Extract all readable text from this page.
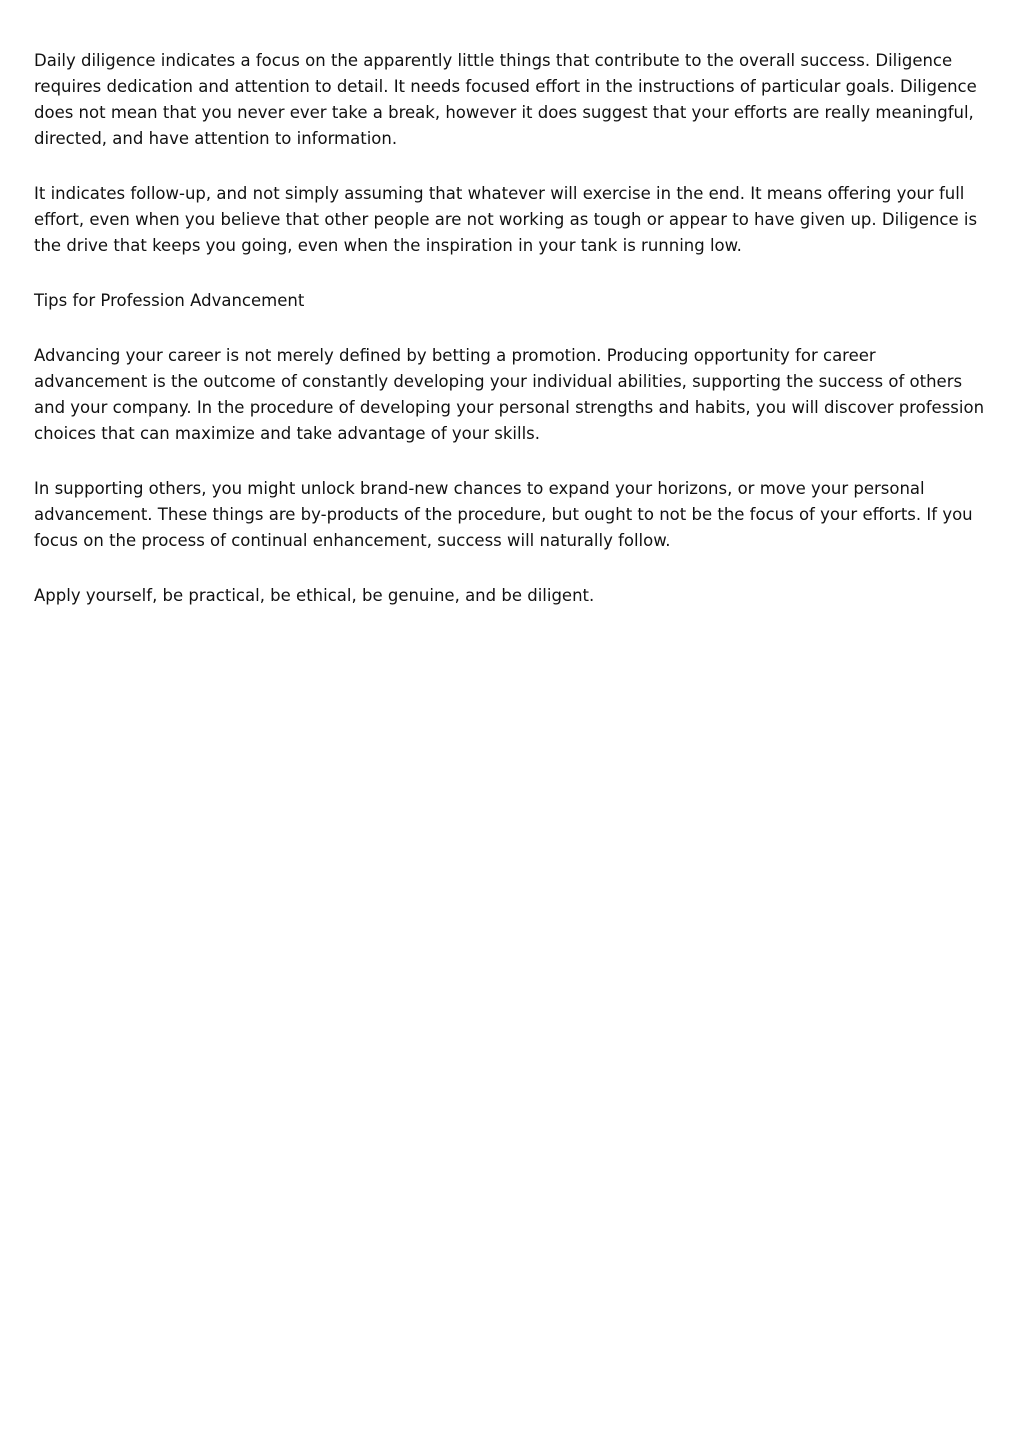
Daily diligence indicates a focus on the apparently little things that contribute to the overall success. Diligence requires dedication and attention to detail. It needs focused effort in the instructions of particular goals. Diligence does not mean that you never ever take a break, however it does suggest that your efforts are really meaningful, directed, and have attention to information.

It indicates follow-up, and not simply assuming that whatever will exercise in the end. It means offering your full effort, even when you believe that other people are not working as tough or appear to have given up. Diligence is the drive that keeps you going, even when the inspiration in your tank is running low.

Tips for Profession Advancement

Advancing your career is not merely defined by betting a promotion. Producing opportunity for career advancement is the outcome of constantly developing your individual abilities, supporting the success of others and your company. In the procedure of developing your personal strengths and habits, you will discover profession choices that can maximize and take advantage of your skills.

In supporting others, you might unlock brand-new chances to expand your horizons, or move your personal advancement. These things are by-products of the procedure, but ought to not be the focus of your efforts. If you focus on the process of continual enhancement, success will naturally follow.

Apply yourself, be practical, be ethical, be genuine, and be diligent.
